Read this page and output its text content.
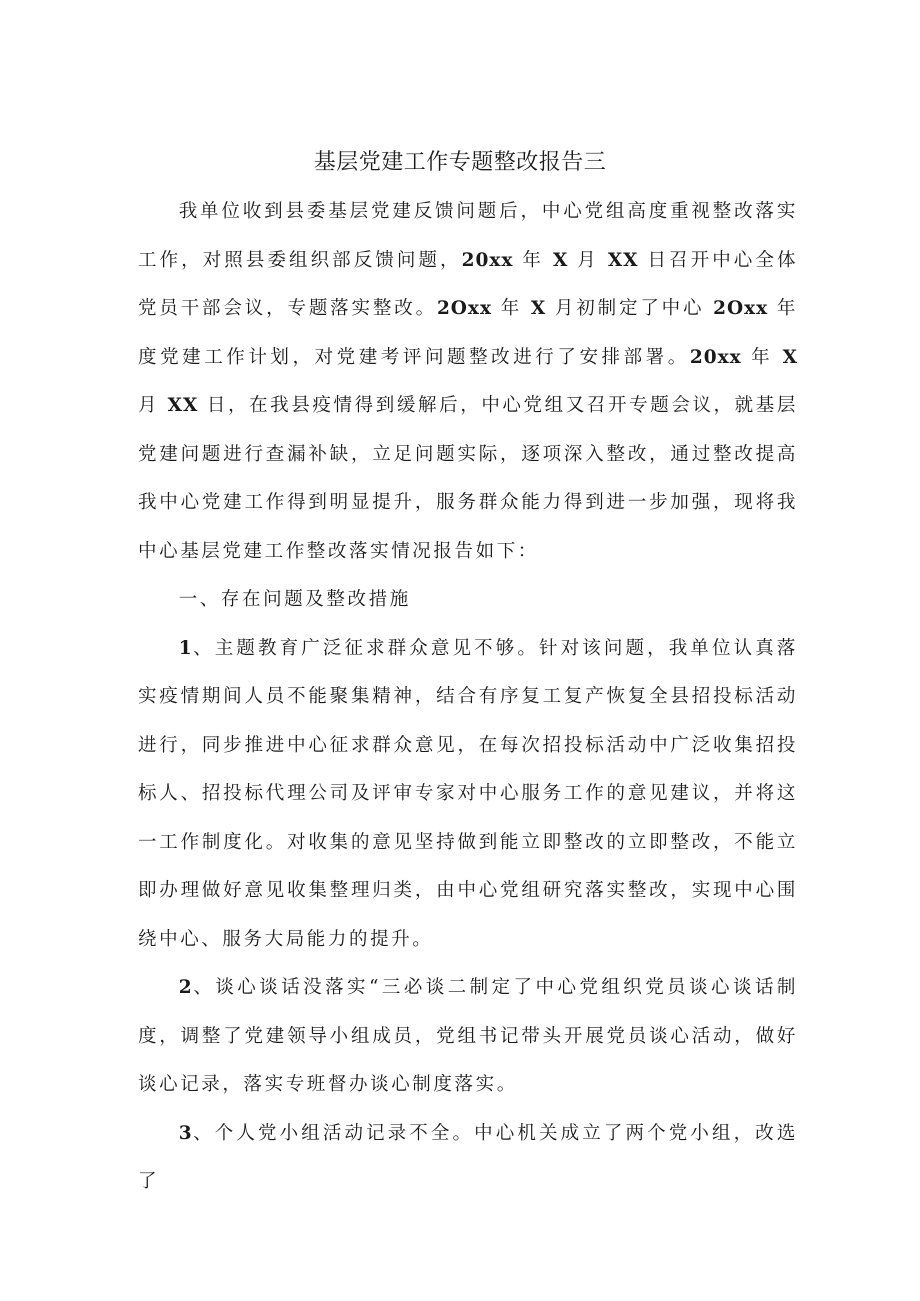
基层党建工作专题整改报告三

我单位收到县委基层党建反馈问题后，中心党组高度重视整改落实工作，对照县委组织部反馈问题，20xx 年 X 月 XX 日召开中心全体党员干部会议，专题落实整改。2Oxx 年 X 月初制定了中心 2Oxx 年度党建工作计划，对党建考评问题整改进行了安排部署。20xx 年 X 月 XX 日，在我县疫情得到缓解后，中心党组又召开专题会议，就基层党建问题进行查漏补缺，立足问题实际，逐项深入整改，通过整改提高我中心党建工作得到明显提升，服务群众能力得到进一步加强，现将我中心基层党建工作整改落实情况报告如下：

一、存在问题及整改措施

1、主题教育广泛征求群众意见不够。针对该问题，我单位认真落实疫情期间人员不能聚集精神，结合有序复工复产恢复全县招投标活动进行，同步推进中心征求群众意见，在每次招投标活动中广泛收集招投标人、招投标代理公司及评审专家对中心服务工作的意见建议，并将这一工作制度化。对收集的意见坚持做到能立即整改的立即整改，不能立即办理做好意见收集整理归类，由中心党组研究落实整改，实现中心围绕中心、服务大局能力的提升。

2、谈心谈话没落实“三必谈二制定了中心党组织党员谈心谈话制度，调整了党建领导小组成员，党组书记带头开展党员谈心活动，做好谈心记录，落实专班督办谈心制度落实。

3、个人党小组活动记录不全。中心机关成立了两个党小组，改选了
